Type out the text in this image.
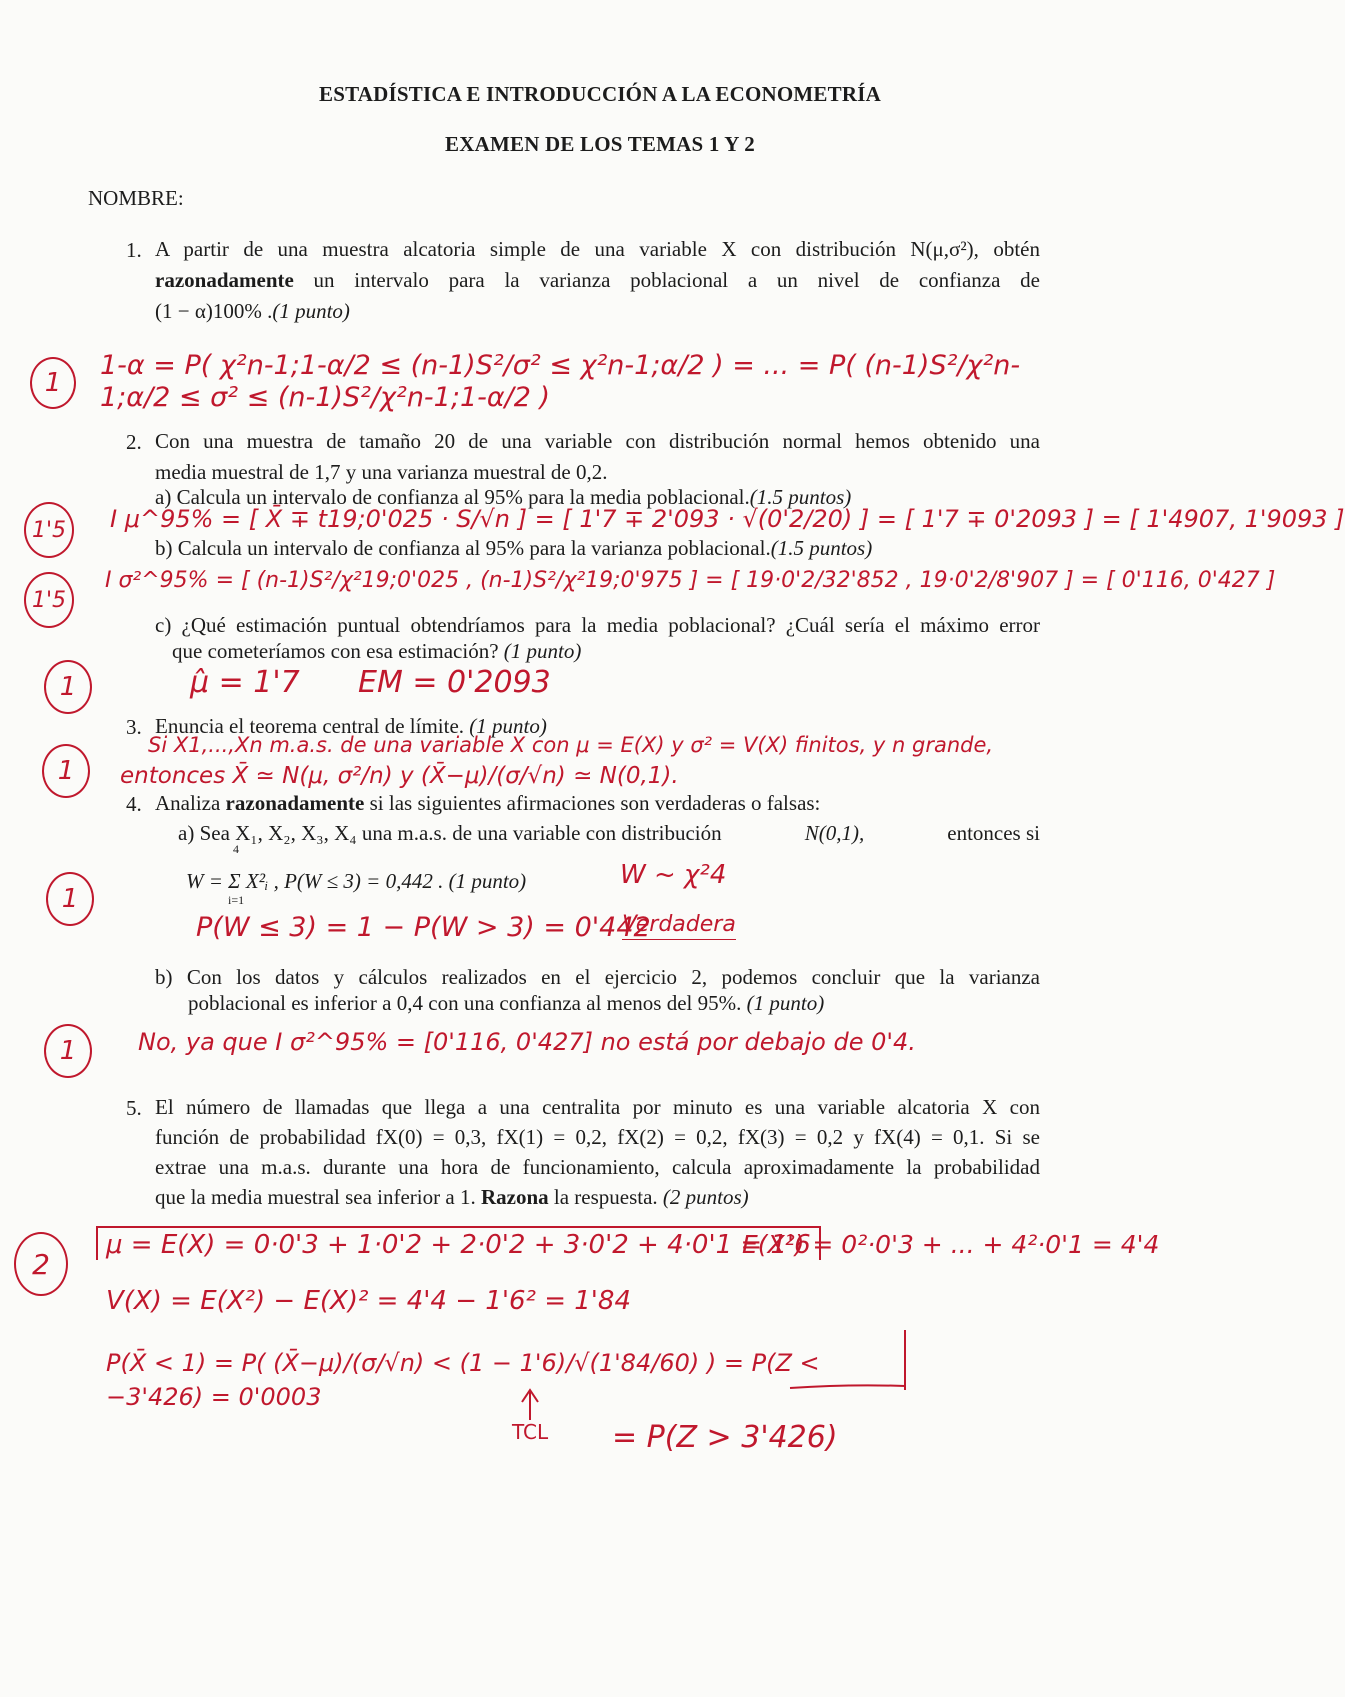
ESTADÍSTICA E INTRODUCCIÓN A LA ECONOMETRÍA
EXAMEN DE LOS TEMAS 1 Y 2
NOMBRE:
1. A partir de una muestra alcatoria simple de una variable X con distribución N(μ,σ²), obtén
razonadamente un intervalo para la varianza poblacional a un nivel de confianza de
(1 − α)100% .(1 punto)
1
1-α = P( χ²n-1;1-α/2 ≤ (n-1)S²/σ² ≤ χ²n-1;α/2 ) = ... = P( (n-1)S²/χ²n-1;α/2 ≤ σ² ≤ (n-1)S²/χ²n-1;1-α/2 )
2. Con una muestra de tamaño 20 de una variable con distribución normal hemos obtenido una
media muestral de 1,7 y una varianza muestral de 0,2.
a) Calcula un intervalo de confianza al 95% para la media poblacional.(1.5 puntos)
1'5	I μ^95% = [ X̄ ∓ t19;0'025 · S/√n ] = [ 1'7 ∓ 2'093 · √(0'2/20) ] = [ 1'7 ∓ 0'2093 ] = [ 1'4907, 1'9093 ]
b) Calcula un intervalo de confianza al 95% para la varianza poblacional.(1.5 puntos)
1'5
I σ²^95% = [ (n-1)S²/χ²19;0'025 , (n-1)S²/χ²19;0'975 ] = [ 19·0'2/32'852 , 19·0'2/8'907 ] = [ 0'116, 0'427 ]
c) ¿Qué estimación puntual obtendríamos para la media poblacional? ¿Cuál sería el máximo error
que cometeríamos con esa estimación? (1 punto)
1	μ̂ = 1'7 EM = 0'2093
3. Enuncia el teorema central de límite. (1 punto)
1
Si X1,...,Xn m.a.s. de una variable X con μ = E(X) y σ² = V(X) finitos, y n grande,
entonces X̄ ≃ N(μ, σ²/n) y (X̄−μ)/(σ/√n) ≃ N(0,1).
4. Analiza razonadamente si las siguientes afirmaciones son verdaderas o falsas:
a) Sea X₁, X₂, X₃, X₄ una m.a.s. de una variable con distribución	N(0,1),	entonces si
4
W = Σ X²ᵢ , P(W ≤ 3) = 0,442 . (1 punto)
i=1
1
W ~ χ²4
P(W ≤ 3) = 1 − P(W > 3) = 0'442
Verdadera
b) Con los datos y cálculos realizados en el ejercicio 2, podemos concluir que la varianza
poblacional es inferior a 0,4 con una confianza al menos del 95%. (1 punto)
1	No, ya que I σ²^95% = [0'116, 0'427] no está por debajo de 0'4.
5. El número de llamadas que llega a una centralita por minuto es una variable alcatoria X con
función de probabilidad fX(0) = 0,3, fX(1) = 0,2, fX(2) = 0,2, fX(3) = 0,2 y fX(4) = 0,1. Si se
extrae una m.a.s. durante una hora de funcionamiento, calcula aproximadamente la probabilidad
que la media muestral sea inferior a 1. Razona la respuesta. (2 puntos)
2
μ = E(X) = 0·0'3 + 1·0'2 + 2·0'2 + 3·0'2 + 4·0'1 = 1'6
E(X²) = 0²·0'3 + ... + 4²·0'1 = 4'4
V(X) = E(X²) − E(X)² = 4'4 − 1'6² = 1'84
P(X̄ < 1) = P( (X̄−μ)/(σ/√n) < (1 − 1'6)/√(1'84/60) ) = P(Z < −3'426) = 0'0003
TCL = P(Z > 3'426)
